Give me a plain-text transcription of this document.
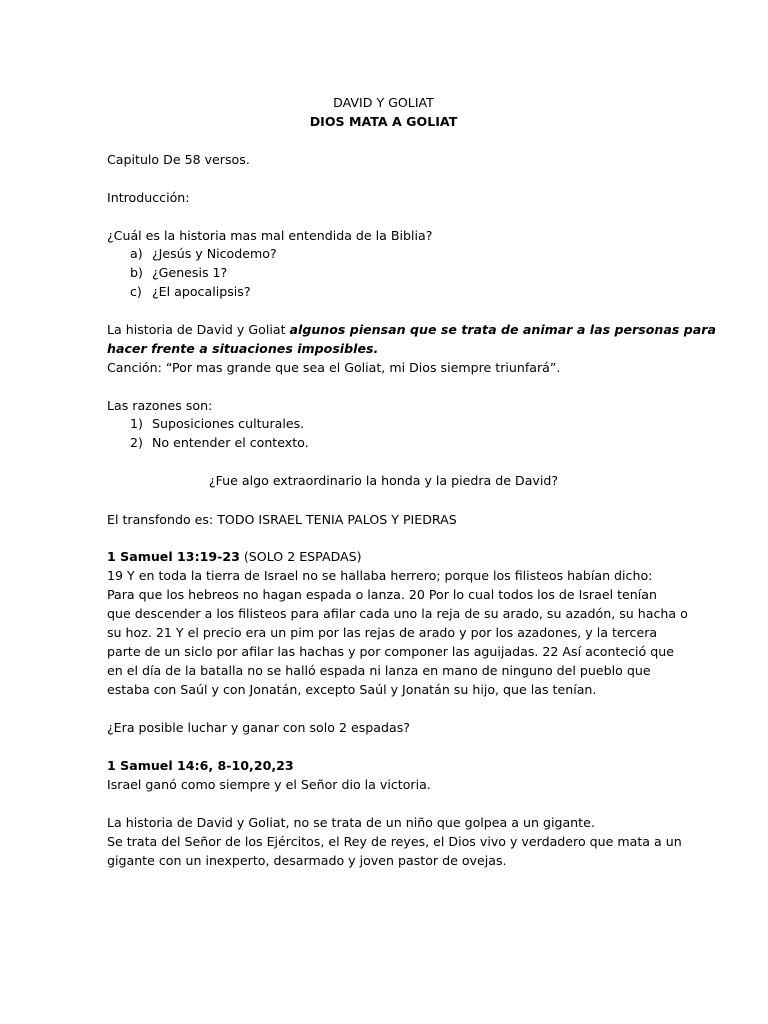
DAVID Y GOLIAT
DIOS MATA A GOLIAT
Capitulo De 58 versos.
Introducción:
¿Cuál es la historia mas mal entendida de la Biblia?
a) ¿Jesús y Nicodemo?
b) ¿Genesis 1?
c) ¿El apocalipsis?
La historia de David y Goliat algunos piensan que se trata de animar a las personas para
hacer frente a situaciones imposibles.
Canción: “Por mas grande que sea el Goliat, mi Dios siempre triunfará”.
Las razones son:
1) Suposiciones culturales.
2) No entender el contexto.
¿Fue algo extraordinario la honda y la piedra de David?
El transfondo es: TODO ISRAEL TENIA PALOS Y PIEDRAS
1 Samuel 13:19-23 (SOLO 2 ESPADAS)
19 Y en toda la tierra de Israel no se hallaba herrero; porque los filisteos habían dicho:
Para que los hebreos no hagan espada o lanza. 20 Por lo cual todos los de Israel tenían
que descender a los filisteos para afilar cada uno la reja de su arado, su azadón, su hacha o
su hoz. 21 Y el precio era un pim por las rejas de arado y por los azadones, y la tercera
parte de un siclo por afilar las hachas y por componer las aguijadas. 22 Así aconteció que
en el día de la batalla no se halló espada ni lanza en mano de ninguno del pueblo que
estaba con Saúl y con Jonatán, excepto Saúl y Jonatán su hijo, que las tenían.
¿Era posible luchar y ganar con solo 2 espadas?
1 Samuel 14:6, 8-10,20,23
Israel ganó como siempre y el Señor dio la victoria.
La historia de David y Goliat, no se trata de un niño que golpea a un gigante.
Se trata del Señor de los Ejércitos, el Rey de reyes, el Dios vivo y verdadero que mata a un
gigante con un inexperto, desarmado y joven pastor de ovejas.
